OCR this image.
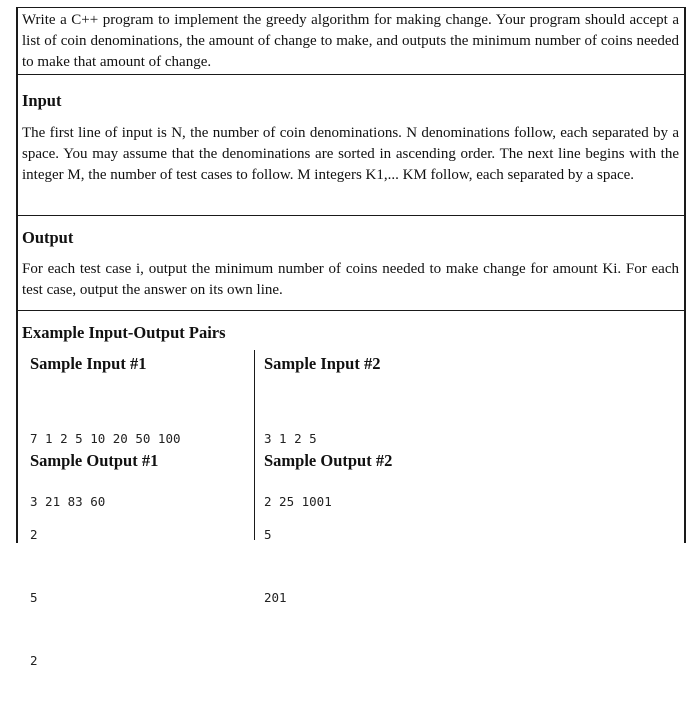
Write a C++ program to implement the greedy algorithm for making change. Your program should accept a list of coin denominations, the amount of change to make, and outputs the minimum number of coins needed to make that amount of change.
Input
The first line of input is N, the number of coin denominations. N denominations follow, each separated by a space. You may assume that the denominations are sorted in ascending order. The next line begins with the integer M, the number of test cases to follow. M integers K1,... KM follow, each separated by a space.
Output
For each test case i, output the minimum number of coins needed to make change for amount Ki. For each test case, output the answer on its own line.
Example Input-Output Pairs
Sample Input #1	Sample Input #2

7 1 2 5 10 20 50 100

3 21 83 60

3 1 2 5

2 25 1001

Sample Output #1	Sample Output #2

2

5

2

5

201
